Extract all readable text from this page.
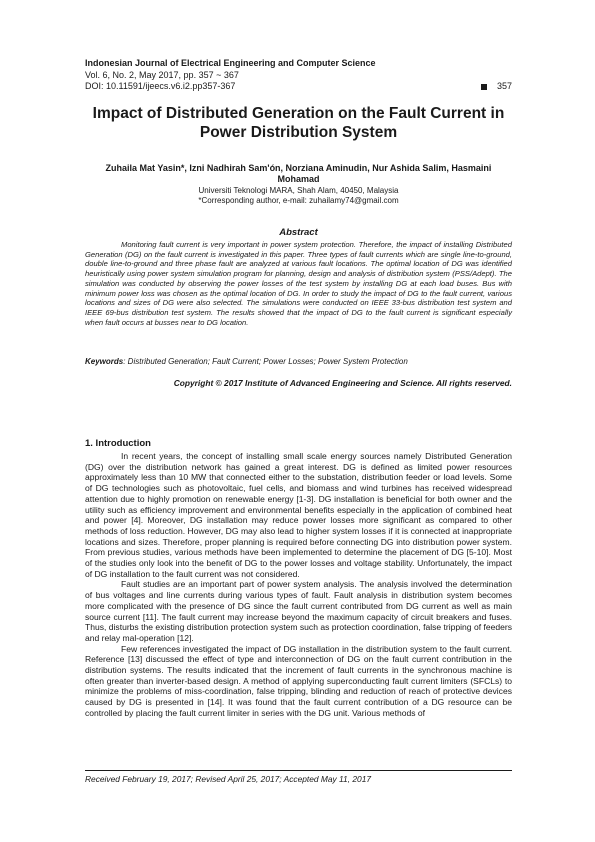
Indonesian Journal of Electrical Engineering and Computer Science
Vol. 6, No. 2, May 2017, pp. 357 ~ 367
DOI: 10.11591/ijeecs.v6.i2.pp357-367	357
Impact of Distributed Generation on the Fault Current in Power Distribution System
Zuhaila Mat Yasin*, Izni Nadhirah Sam'ón, Norziana Aminudin, Nur Ashida Salim, Hasmaini Mohamad
Universiti Teknologi MARA, Shah Alam, 40450, Malaysia
*Corresponding author, e-mail: zuhailamy74@gmail.com
Abstract
Monitoring fault current is very important in power system protection. Therefore, the impact of installing Distributed Generation (DG) on the fault current is investigated in this paper. Three types of fault currents which are single line-to-ground, double line-to-ground and three phase fault are analyzed at various fault locations. The optimal location of DG was identified heuristically using power system simulation program for planning, design and analysis of distribution system (PSS/Adept). The simulation was conducted by observing the power losses of the test system by installing DG at each load buses. Bus with minimum power loss was chosen as the optimal location of DG. In order to study the impact of DG to the fault current, various locations and sizes of DG were also selected. The simulations were conducted on IEEE 33-bus distribution test system and IEEE 69-bus distribution test system. The results showed that the impact of DG to the fault current is significant especially when fault occurs at busses near to DG location.
Keywords: Distributed Generation; Fault Current; Power Losses; Power System Protection
Copyright © 2017 Institute of Advanced Engineering and Science. All rights reserved.
1. Introduction

In recent years, the concept of installing small scale energy sources namely Distributed Generation (DG) over the distribution network has gained a great interest. DG is defined as limited power resources approximately less than 10 MW that connected either to the substation, distribution feeder or load levels. Some of DG technologies such as photovoltaic, fuel cells, and biomass and wind turbines has received widespread attention due to highly promotion on renewable energy [1-3]. DG installation is beneficial for both owner and the utility such as efficiency improvement and environmental benefits especially in the application of combined heat and power [4]. Moreover, DG installation may reduce power losses more significant as compared to other methods of loss reduction. However, DG may also lead to higher system losses if it is connected at inappropriate locations and sizes. Therefore, proper planning is required before connecting DG into distribution power system. From previous studies, various methods have been implemented to determine the placement of DG [5-10]. Most of the studies only look into the benefit of DG to the power losses and voltage stability. Unfortunately, the impact of DG installation to the fault current was not considered.

Fault studies are an important part of power system analysis. The analysis involved the determination of bus voltages and line currents during various types of fault. Fault analysis in distribution system becomes more complicated with the presence of DG since the fault current contributed from DG current as well as main source current [11]. The fault current may increase beyond the maximum capacity of circuit breakers and fuses. Thus, disturbs the existing distribution protection system such as protection coordination, false tripping of feeders and relay mal-operation [12].

Few references investigated the impact of DG installation in the distribution system to the fault current. Reference [13] discussed the effect of type and interconnection of DG on the fault current contribution in the distribution systems. The results indicated that the increment of fault currents in the synchronous machine is often greater than inverter-based design. A method of applying superconducting fault current limiters (SFCLs) to minimize the problems of miss-coordination, false tripping, blinding and reduction of reach of protective devices caused by DG is presented in [14]. It was found that the fault current contribution of a DG resource can be controlled by placing the fault current limiter in series with the DG unit. Various methods of

Received February 19, 2017; Revised April 25, 2017; Accepted May 11, 2017
